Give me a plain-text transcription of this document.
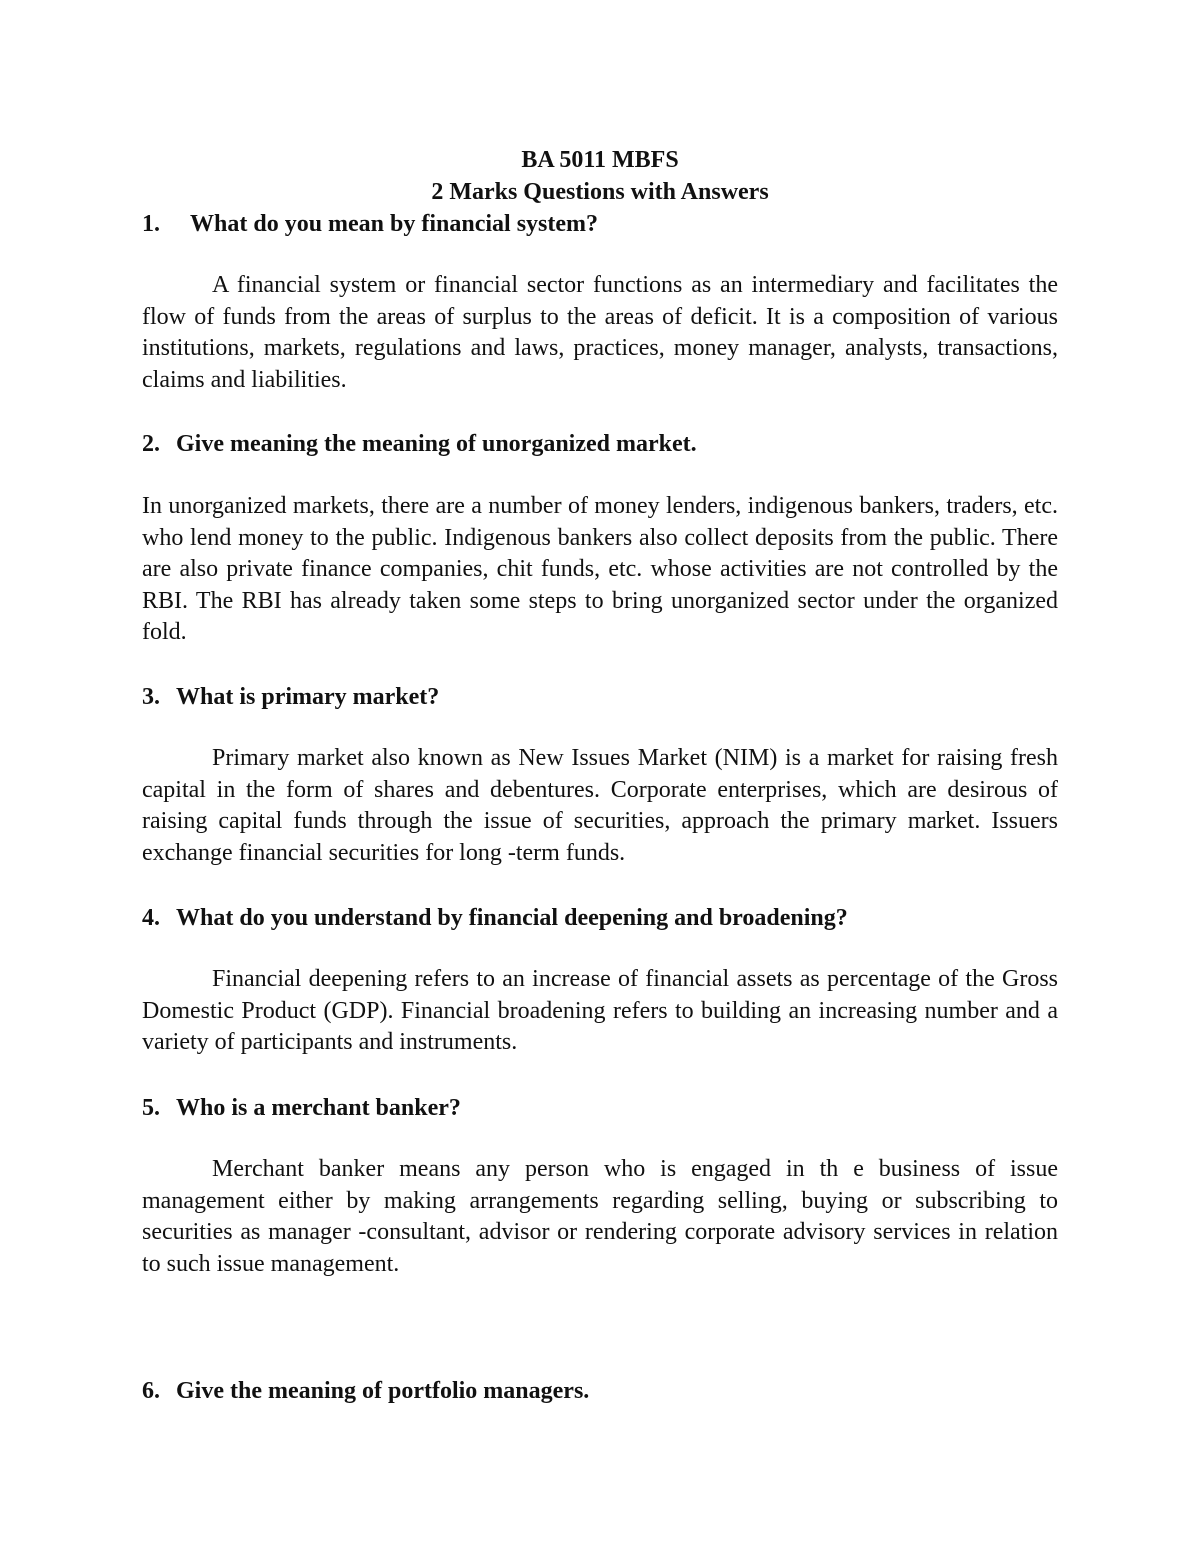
BA 5011 MBFS
2 Marks Questions with Answers
1. What do you mean by financial system?

A financial system or financial sector functions as an intermediary and facilitates the flow of funds from the areas of surplus to the areas of deficit. It is a composition of various institutions, markets, regulations and laws, practices, money manager, analysts, transactions, claims and liabilities.

2. Give meaning the meaning of unorganized market.

In unorganized markets, there are a number of money lenders, indigenous bankers, traders, etc. who lend money to the public. Indigenous bankers also collect deposits from the public. There are also private finance companies, chit funds, etc. whose activities are not controlled by the RBI. The RBI has already taken some steps to bring unorganized sector under the organized fold.

3. What is primary market?

Primary market also known as New Issues Market (NIM) is a market for raising fresh capital in the form of shares and debentures. Corporate enterprises, which are desirous of raising capital funds through the issue of securities, approach the primary market. Issuers exchange financial securities for long -term funds.

4. What do you understand by financial deepening and broadening?

Financial deepening refers to an increase of financial assets as percentage of the Gross Domestic Product (GDP). Financial broadening refers to building an increasing number and a variety of participants and instruments.

5. Who is a merchant banker?

Merchant banker means any person who is engaged in th e business of issue management either by making arrangements regarding selling, buying or subscribing to securities as manager -consultant, advisor or rendering corporate advisory services in relation to such issue management.

6. Give the meaning of portfolio managers.
